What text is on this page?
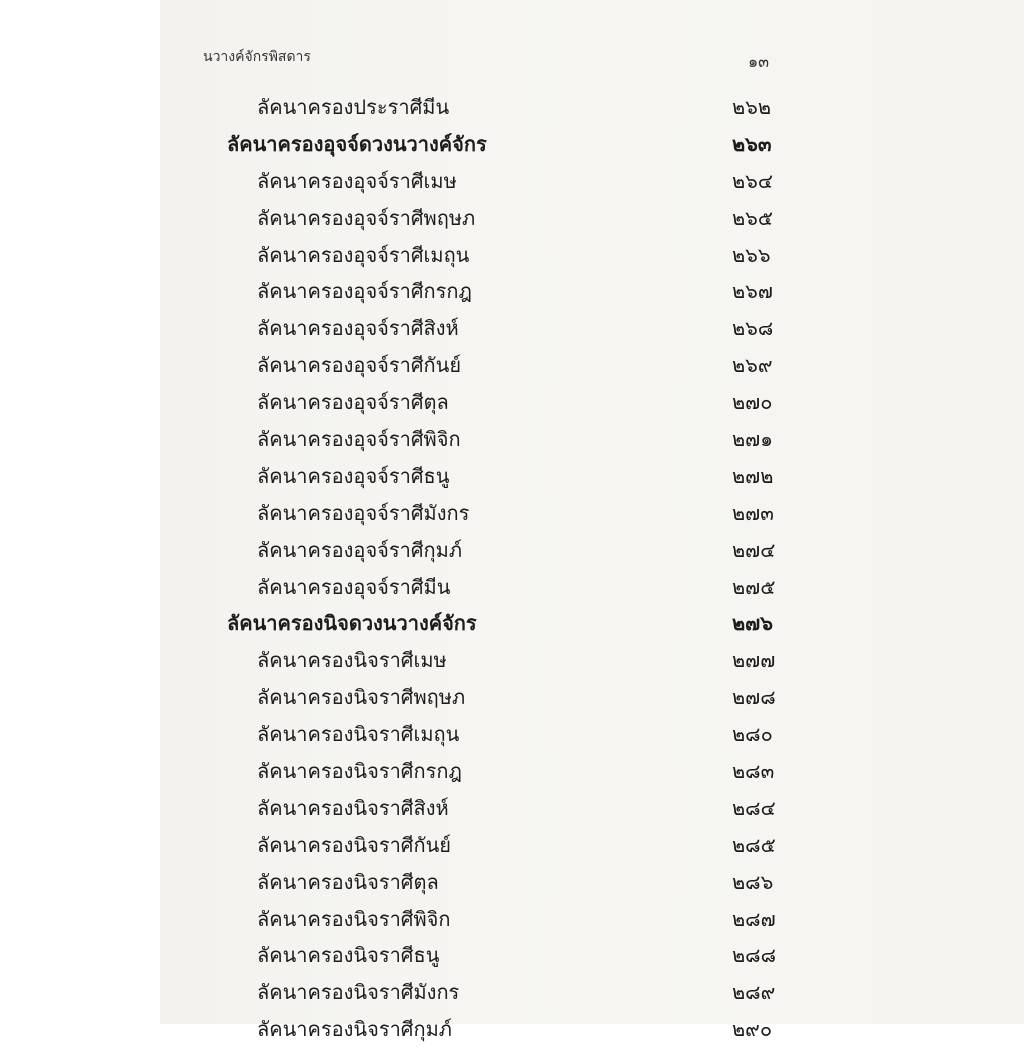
นวางค์จักรพิสดาร	๑๓
ลัคนาครองประราศีมีน	๒๖๒
ลัคนาครองอุจจ์ดวงนวางค์จักร	๒๖๓
ลัคนาครองอุจจ์ราศีเมษ	๒๖๔
ลัคนาครองอุจจ์ราศีพฤษภ	๒๖๕
ลัคนาครองอุจจ์ราศีเมถุน	๒๖๖
ลัคนาครองอุจจ์ราศีกรกฎ	๒๖๗
ลัคนาครองอุจจ์ราศีสิงห์	๒๖๘
ลัคนาครองอุจจ์ราศีกันย์	๒๖๙
ลัคนาครองอุจจ์ราศีตุล	๒๗๐
ลัคนาครองอุจจ์ราศีพิจิก	๒๗๑
ลัคนาครองอุจจ์ราศีธนู	๒๗๒
ลัคนาครองอุจจ์ราศีมังกร	๒๗๓
ลัคนาครองอุจจ์ราศีกุมภ์	๒๗๔
ลัคนาครองอุจจ์ราศีมีน	๒๗๕
ลัคนาครองนิจดวงนวางค์จักร	๒๗๖
ลัคนาครองนิจราศีเมษ	๒๗๗
ลัคนาครองนิจราศีพฤษภ	๒๗๘
ลัคนาครองนิจราศีเมถุน	๒๘๐
ลัคนาครองนิจราศีกรกฎ	๒๘๓
ลัคนาครองนิจราศีสิงห์	๒๘๔
ลัคนาครองนิจราศีกันย์	๒๘๕
ลัคนาครองนิจราศีตุล	๒๘๖
ลัคนาครองนิจราศีพิจิก	๒๘๗
ลัคนาครองนิจราศีธนู	๒๘๘
ลัคนาครองนิจราศีมังกร	๒๘๙
ลัคนาครองนิจราศีกุมภ์	๒๙๐
